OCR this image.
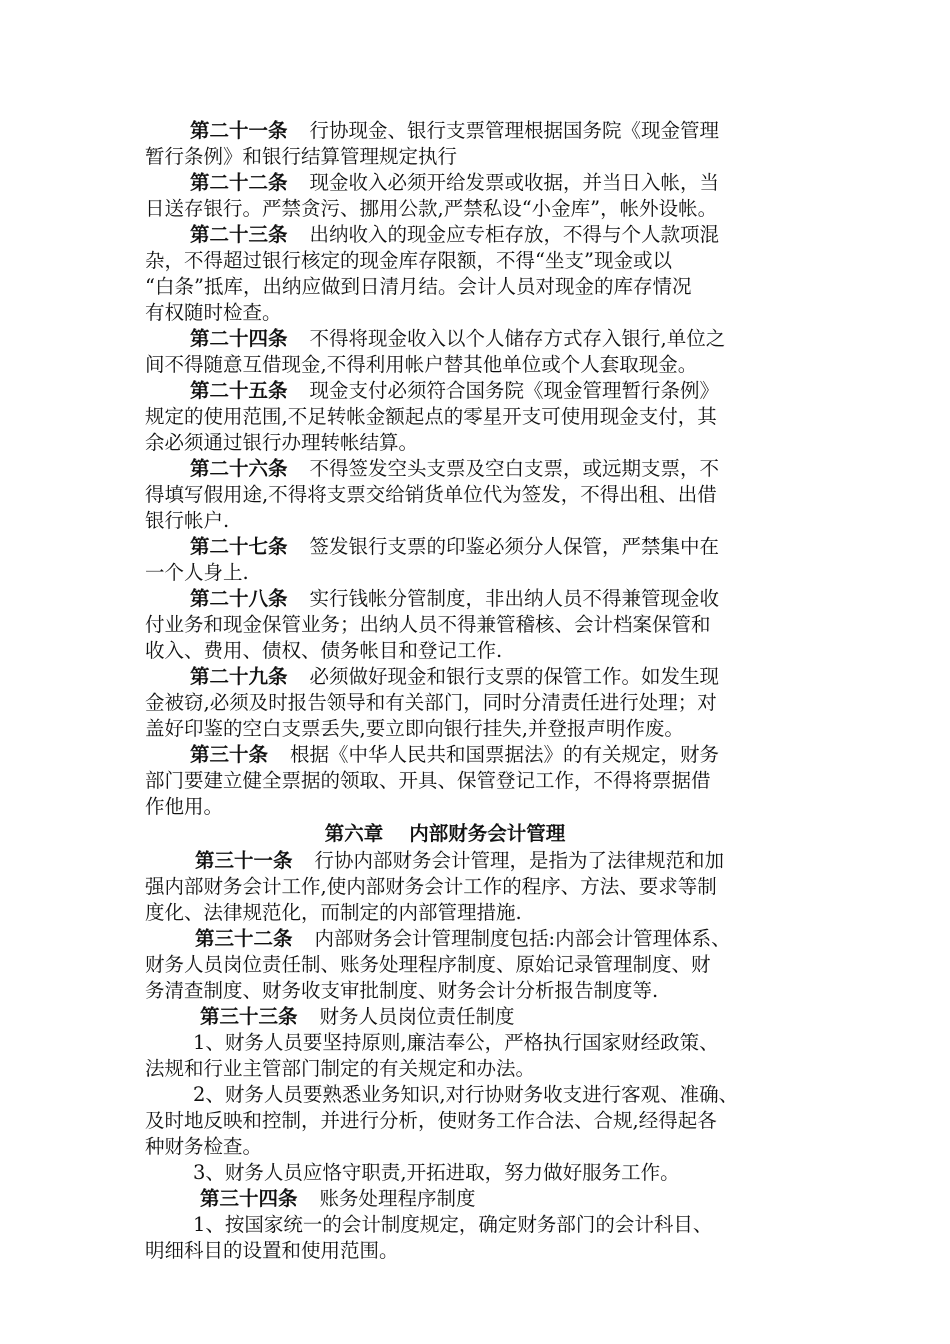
第二十一条 行协现金、银行支票管理根据国务院《现金管理
暂行条例》和银行结算管理规定执行
第二十二条 现金收入必须开给发票或收据，并当日入帐，当
日送存银行。严禁贪污、挪用公款,严禁私设“小金库”，帐外设帐。
第二十三条 出纳收入的现金应专柜存放，不得与个人款项混
杂，不得超过银行核定的现金库存限额，不得“坐支”现金或以
“白条”抵库，出纳应做到日清月结。会计人员对现金的库存情况
有权随时检查。
第二十四条 不得将现金收入以个人储存方式存入银行,单位之
间不得随意互借现金,不得利用帐户替其他单位或个人套取现金。
第二十五条 现金支付必须符合国务院《现金管理暂行条例》
规定的使用范围,不足转帐金额起点的零星开支可使用现金支付，其
余必须通过银行办理转帐结算。
第二十六条 不得签发空头支票及空白支票，或远期支票，不
得填写假用途,不得将支票交给销货单位代为签发，不得出租、出借
银行帐户.
第二十七条 签发银行支票的印鉴必须分人保管，严禁集中在
一个人身上.
第二十八条 实行钱帐分管制度，非出纳人员不得兼管现金收
付业务和现金保管业务；出纳人员不得兼管稽核、会计档案保管和
收入、费用、债权、债务帐目和登记工作.
第二十九条 必须做好现金和银行支票的保管工作。如发生现
金被窃,必须及时报告领导和有关部门，同时分清责任进行处理；对
盖好印鉴的空白支票丢失,要立即向银行挂失,并登报声明作废。
第三十条 根据《中华人民共和国票据法》的有关规定，财务
部门要建立健全票据的领取、开具、保管登记工作，不得将票据借
作他用。
第六章 内部财务会计管理
第三十一条 行协内部财务会计管理，是指为了法律规范和加
强内部财务会计工作,使内部财务会计工作的程序、方法、要求等制
度化、法律规范化，而制定的内部管理措施.
第三十二条 内部财务会计管理制度包括:内部会计管理体系、
财务人员岗位责任制、账务处理程序制度、原始记录管理制度、财
务清查制度、财务收支审批制度、财务会计分析报告制度等.
第三十三条 财务人员岗位责任制度
1、财务人员要坚持原则,廉洁奉公，严格执行国家财经政策、
法规和行业主管部门制定的有关规定和办法。
2、财务人员要熟悉业务知识,对行协财务收支进行客观、准确、
及时地反映和控制，并进行分析，使财务工作合法、合规,经得起各
种财务检查。
3、财务人员应恪守职责,开拓进取，努力做好服务工作。
第三十四条 账务处理程序制度
1、按国家统一的会计制度规定，确定财务部门的会计科目、
明细科目的设置和使用范围。
